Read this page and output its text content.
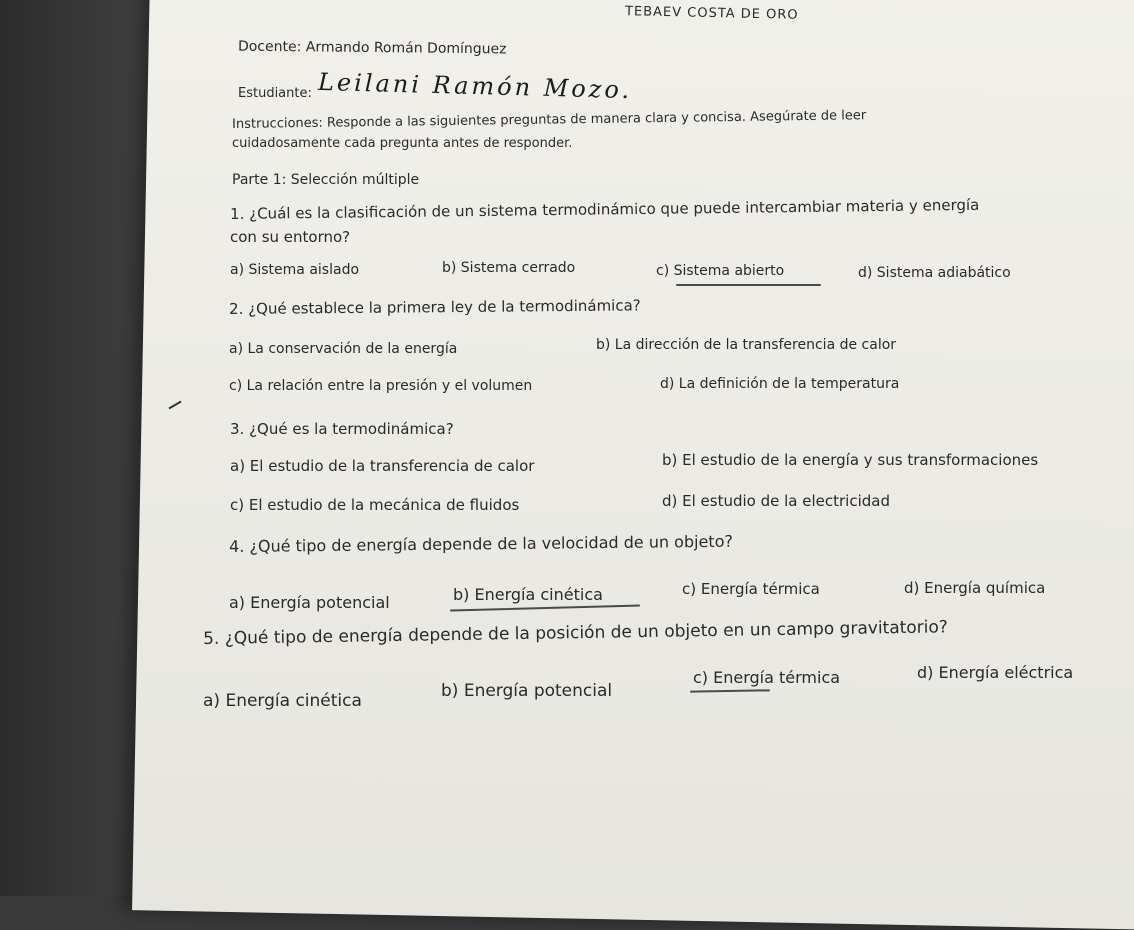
TEBAEV COSTA DE ORO
Docente: Armando Román Domínguez
Estudiante: Leilani Ramón Mozo.
Instrucciones: Responde a las siguientes preguntas de manera clara y concisa. Asegúrate de leer
cuidadosamente cada pregunta antes de responder.
Parte 1: Selección múltiple
1. ¿Cuál es la clasificación de un sistema termodinámico que puede intercambiar materia y energía
con su entorno?
a) Sistema aislado	b) Sistema cerrado	c) Sistema abierto	d) Sistema adiabático
2. ¿Qué establece la primera ley de la termodinámica?
a) La conservación de la energía	b) La dirección de la transferencia de calor
c) La relación entre la presión y el volumen	d) La definición de la temperatura
3. ¿Qué es la termodinámica?
a) El estudio de la transferencia de calor	b) El estudio de la energía y sus transformaciones
c) El estudio de la mecánica de fluidos	d) El estudio de la electricidad
4. ¿Qué tipo de energía depende de la velocidad de un objeto?
a) Energía potencial	b) Energía cinética	c) Energía térmica	d) Energía química
5. ¿Qué tipo de energía depende de la posición de un objeto en un campo gravitatorio?
a) Energía cinética	b) Energía potencial
c) Energía térmica	d) Energía eléctrica
